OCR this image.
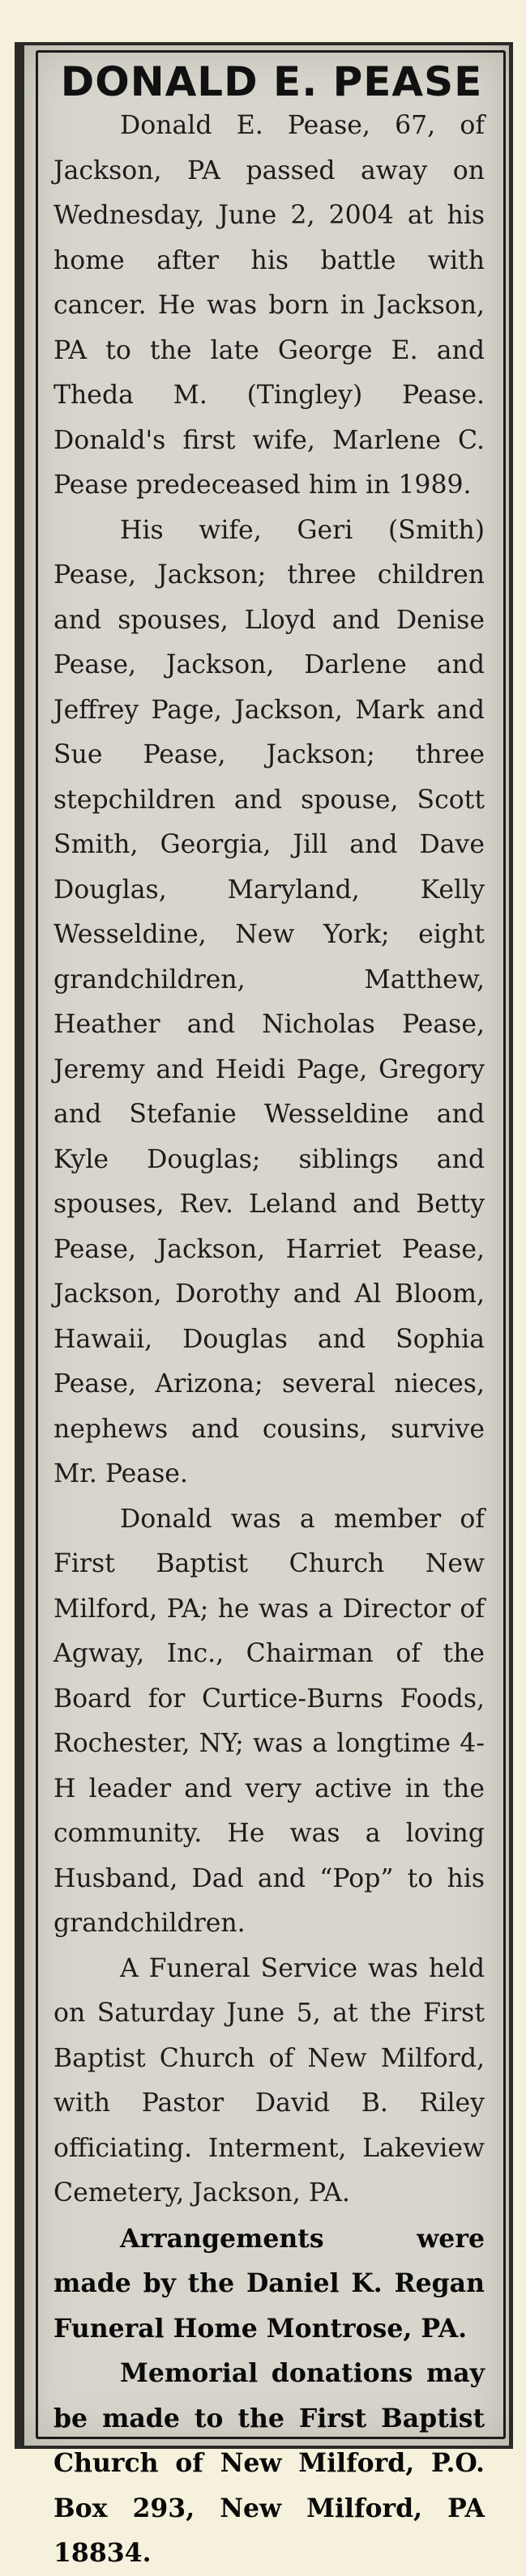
DONALD E. PEASE

Donald E. Pease, 67, of Jackson, PA passed away on Wednesday, June 2, 2004 at his home after his battle with cancer. He was born in Jackson, PA to the late George E. and Theda M. (Tingley) Pease. Donald's first wife, Marlene C. Pease predeceased him in 1989.

His wife, Geri (Smith) Pease, Jackson; three children and spouses, Lloyd and Denise Pease, Jackson, Darlene and Jeffrey Page, Jackson, Mark and Sue Pease, Jackson; three stepchildren and spouse, Scott Smith, Georgia, Jill and Dave Douglas, Maryland, Kelly Wesseldine, New York; eight grandchildren, Matthew, Heather and Nicholas Pease, Jeremy and Heidi Page, Gregory and Stefanie Wesseldine and Kyle Douglas; siblings and spouses, Rev. Leland and Betty Pease, Jackson, Harriet Pease, Jackson, Dorothy and Al Bloom, Hawaii, Douglas and Sophia Pease, Arizona; several nieces, nephews and cousins, survive Mr. Pease.

Donald was a member of First Baptist Church New Milford, PA; he was a Director of Agway, Inc., Chairman of the Board for Curtice-Burns Foods, Rochester, NY; was a longtime 4-H leader and very active in the community. He was a loving Husband, Dad and “Pop” to his grandchildren.

A Funeral Service was held on Saturday June 5, at the First Baptist Church of New Milford, with Pastor David B. Riley officiating. Interment, Lakeview Cemetery, Jackson, PA.

Arrangements were made by the Daniel K. Regan Funeral Home Montrose, PA.

Memorial donations may be made to the First Baptist Church of New Milford, P.O. Box 293, New Milford, PA 18834.
